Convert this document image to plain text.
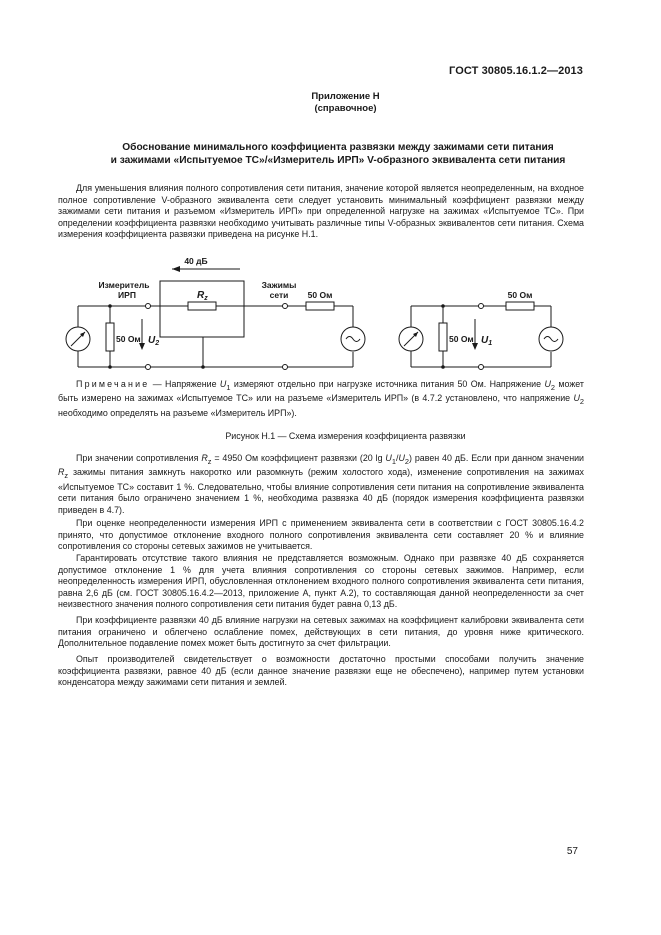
ГОСТ 30805.16.1.2—2013
Приложение Н
(справочное)
Обоснование минимального коэффициента развязки между зажимами сети питания
и зажимами «Испытуемое ТС»/«Измеритель ИРП» V-образного эквивалента сети питания
Для уменьшения влияния полного сопротивления сети питания, значение которой является неопределенным, на входное полное сопротивление V-образного эквивалента сети следует установить минимальный коэффициент развязки между зажимами сети питания и разъемом «Измеритель ИРП» при определенной нагрузке на зажимах «Испытуемое ТС». При определении коэффициента развязки необходимо учитывать различные типы V-образных эквивалентов сети питания. Схема измерения коэффициента развязки приведена на рисунке Н.1.
40 дБ
Измеритель
ИРП
Зажимы
сети 50 Ом	50 Ом
50 Ом	50 Ом
$R_z$
$U_2$	$U_1$
Примечание — Напряжение $U_1$ измеряют отдельно при нагрузке источника питания 50 Ом. Напряжение $U_2$ может быть измерено на зажимах «Испытуемое ТС» или на разъеме «Измеритель ИРП» (в 4.7.2 установлено, что напряжение $U_2$ необходимо определять на разъеме «Измеритель ИРП»).
Рисунок Н.1 — Схема измерения коэффициента развязки
При значении сопротивления $R_z = 4950$ Ом коэффициент развязки (20 $\lg U_1/U_2$) равен 40 дБ. Если при данном значении $R_z$ зажимы питания замкнуть накоротко или разомкнуть (режим холостого хода), изменение сопротивления на зажимах «Испытуемое ТС» составит 1 %. Следовательно, чтобы влияние сопротивления сети питания на сопротивление эквивалента сети питания было ограничено значением 1 %, необходима развязка 40 дБ (порядок измерения коэффициента развязки приведен в 4.7).
При оценке неопределенности измерения ИРП с применением эквивалента сети в соответствии с ГОСТ 30805.16.4.2 принято, что допустимое отклонение входного полного сопротивления эквивалента сети составляет 20 % и влияние сопротивления со стороны сетевых зажимов не учитывается.
Гарантировать отсутствие такого влияния не представляется возможным. Однако при развязке 40 дБ сохраняется допустимое отклонение 1 % для учета влияния сопротивления со стороны сетевых зажимов. Например, если неопределенность измерения ИРП, обусловленная отклонением входного полного сопротивления эквивалента сети питания, равна 2,6 дБ (см. ГОСТ 30805.16.4.2—2013, приложение А, пункт А.2), то составляющая данной неопределенности за счет неизвестного значения полного сопротивления сети питания будет равна 0,13 дБ.
При коэффициенте развязки 40 дБ влияние нагрузки на сетевых зажимах на коэффициент калибровки эквивалента сети питания ограничено и облегчено ослабление помех, действующих в сети питания, до уровня ниже критического. Дополнительное подавление помех может быть достигнуто за счет фильтрации.
Опыт производителей свидетельствует о возможности достаточно простыми способами получить значение коэффициента развязки, равное 40 дБ (если данное значение развязки еще не обеспечено), например путем установки конденсатора между зажимами сети питания и землей.
57
